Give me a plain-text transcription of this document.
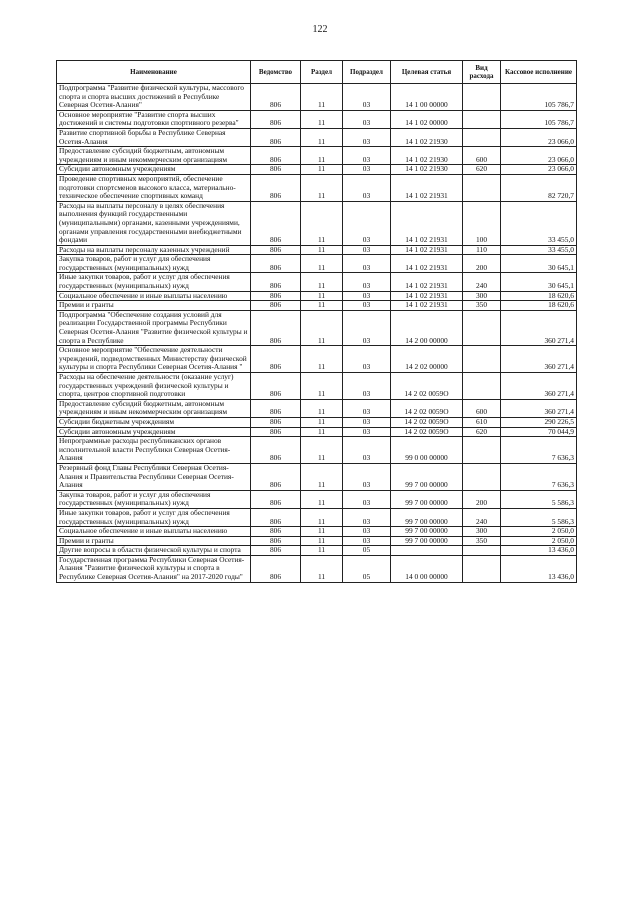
122
Наименование	Ведомство	Раздел	Подраздел	Целевая статья	Вид расхода	Кассовое исполнение
Подпрограмма "Развитие физической культуры, массового спорта и спорта высших достижений в Республике Северная Осетия-Алания"	806	11	03	14 1 00 00000		105 786,7
Основное мероприятие "Развитие спорта высших достижений и системы подготовки спортивного резерва"	806	11	03	14 1 02 00000		105 786,7
Развитие спортивной борьбы в Республике Северная Осетия-Алания	806	11	03	14 1 02 21930		23 066,0
Предоставление субсидий бюджетным, автономным учреждениям и иным некоммерческим организациям	806	11	03	14 1 02 21930	600	23 066,0
Субсидии автономным учреждениям	806	11	03	14 1 02 21930	620	23 066,0
Проведение спортивных мероприятий, обеспечение подготовки спортсменов высокого класса, материально-техническое обеспечение спортивных команд	806	11	03	14 1 02 21931		82 720,7
Расходы на выплаты персоналу в целях обеспечения выполнения функций государственными (муниципальными) органами, казенными учреждениями, органами управления государственными внебюджетными фондами	806	11	03	14 1 02 21931	100	33 455,0
Расходы на выплаты персоналу казенных учреждений	806	11	03	14 1 02 21931	110	33 455,0
Закупка товаров, работ и услуг для обеспечения государственных (муниципальных) нужд	806	11	03	14 1 02 21931	200	30 645,1
Иные закупки товаров, работ и услуг для обеспечения государственных (муниципальных) нужд	806	11	03	14 1 02 21931	240	30 645,1
Социальное обеспечение и иные выплаты населению	806	11	03	14 1 02 21931	300	18 620,6
Премии и гранты	806	11	03	14 1 02 21931	350	18 620,6
Подпрограмма "Обеспечение создания условий для реализации Государственной программы Республики Северная Осетия-Алания "Развитие физической культуры и спорта в Республике	806	11	03	14 2 00 00000		360 271,4
Основное мероприятие "Обеспечение деятельности учреждений, подведомственных Министерству физической культуры и спорта Республики Северная Осетия-Алания "	806	11	03	14 2 02 00000		360 271,4
Расходы на обеспечение деятельности (оказание услуг) государственных учреждений физической культуры и спорта, центров спортивной подготовки	806	11	03	14 2 02 0059O		360 271,4
Предоставление субсидий бюджетным, автономным учреждениям и иным некоммерческим организациям	806	11	03	14 2 02 0059O	600	360 271,4
Субсидии бюджетным учреждениям	806	11	03	14 2 02 0059O	610	290 226,5
Субсидии автономным учреждениям	806	11	03	14 2 02 0059O	620	70 044,9
Непрограммные расходы республиканских органов исполнительной власти Республики Северная Осетия-Алания	806	11	03	99 0 00 00000		7 636,3
Резервный фонд Главы Республики Северная Осетия-Алания и Правительства Республики Северная Осетия-Алания	806	11	03	99 7 00 00000		7 636,3
Закупка товаров, работ и услуг для обеспечения государственных (муниципальных) нужд	806	11	03	99 7 00 00000	200	5 586,3
Иные закупки товаров, работ и услуг для обеспечения государственных (муниципальных) нужд	806	11	03	99 7 00 00000	240	5 586,3
Социальное обеспечение и иные выплаты населению	806	11	03	99 7 00 00000	300	2 050,0
Премии и гранты	806	11	03	99 7 00 00000	350	2 050,0
Другие вопросы в области физической культуры и спорта	806	11	05			13 436,0
Государственная программа Республики Северная Осетия-Алания "Развитие физической культуры и спорта в Республике Северная Осетия-Алания" на 2017-2020 годы"	806	11	05	14 0 00 00000		13 436,0
